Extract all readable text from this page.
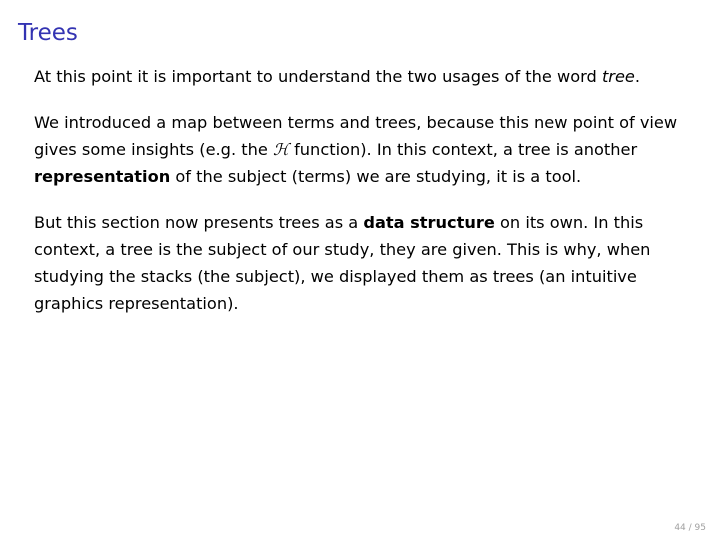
Trees

At this point it is important to understand the two usages of the word tree.

We introduced a map between terms and trees, because this new point of view gives some insights (e.g. the ℋ function). In this context, a tree is another representation of the subject (terms) we are studying, it is a tool.

But this section now presents trees as a data structure on its own. In this context, a tree is the subject of our study, they are given. This is why, when studying the stacks (the subject), we displayed them as trees (an intuitive graphics representation).

44 / 95
